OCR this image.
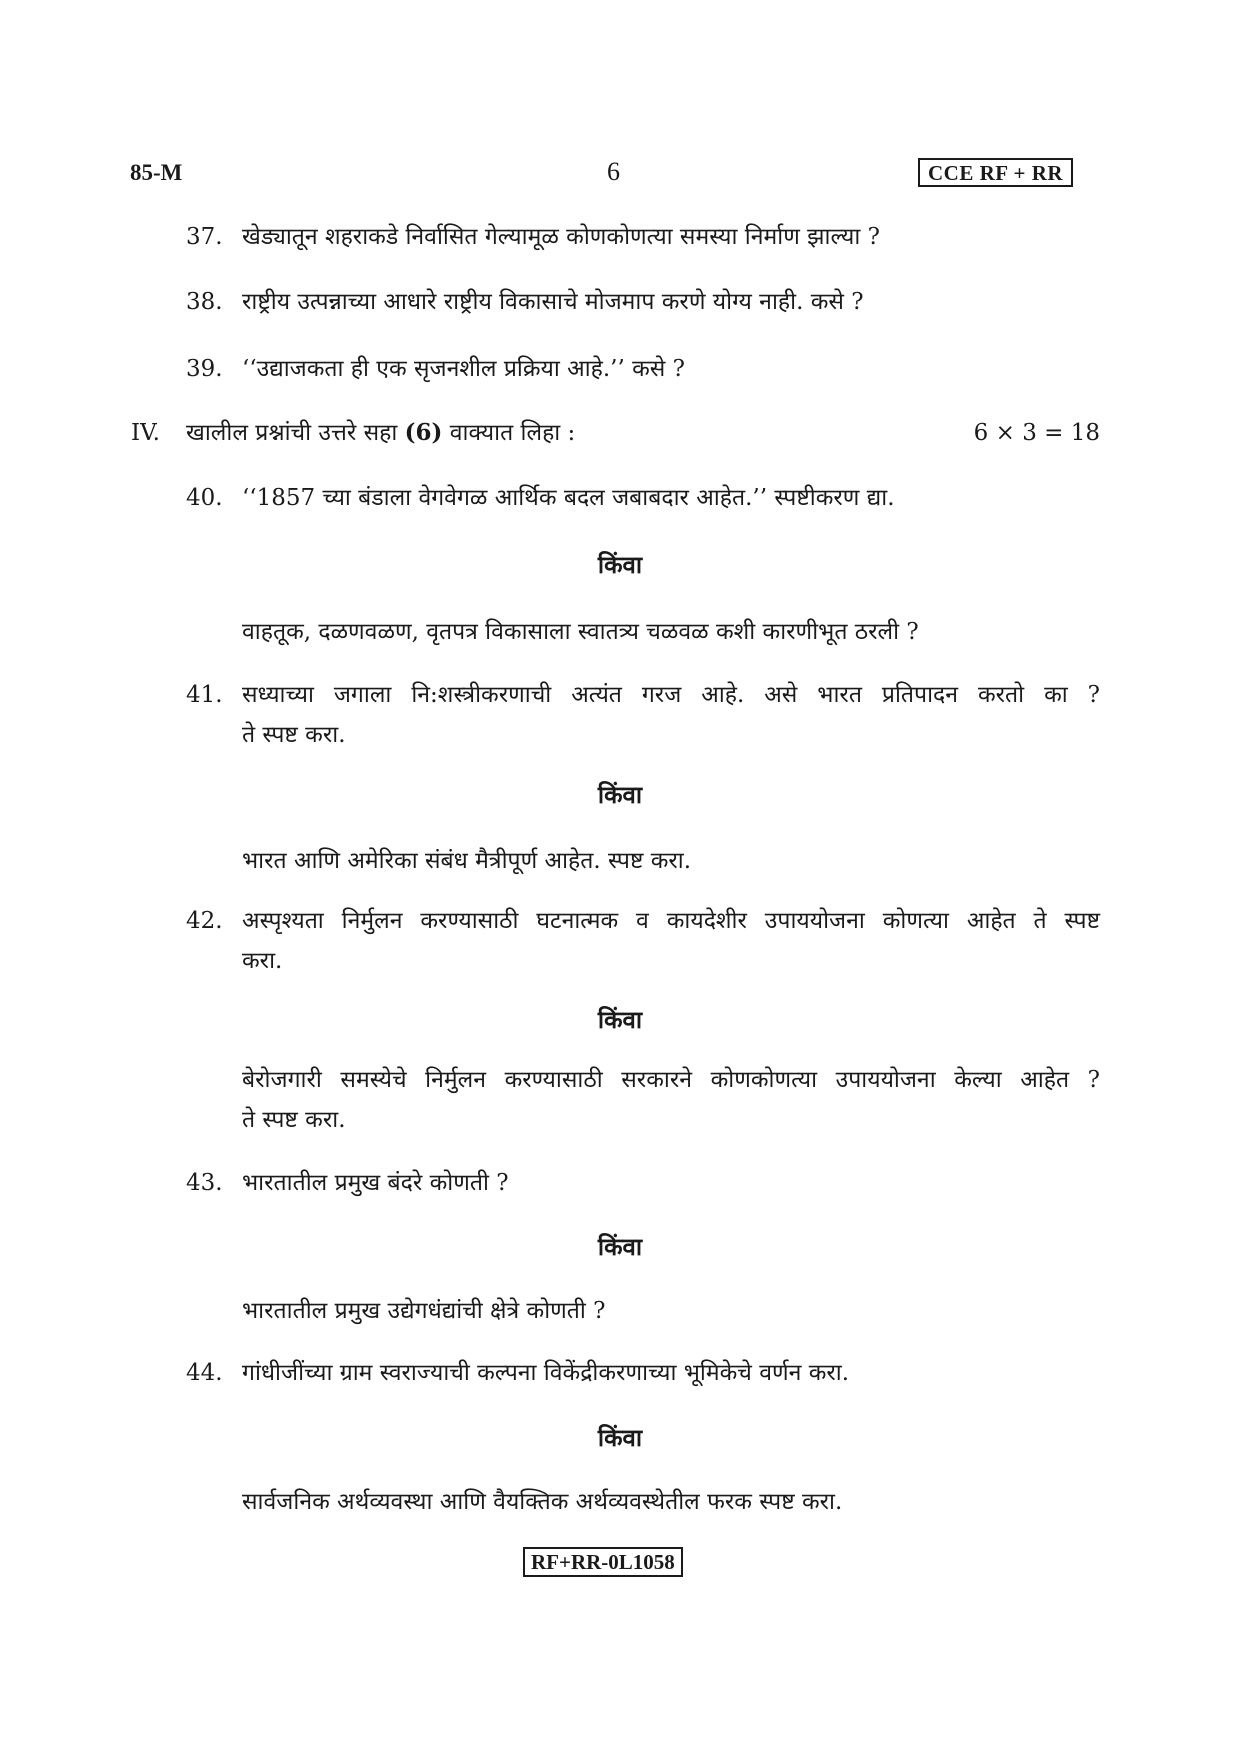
85-M	6	CCE RF + RR
37. खेड्यातून शहराकडे निर्वासित गेल्यामूळ कोणकोणत्या समस्या निर्माण झाल्या ?
38. राष्ट्रीय उत्पन्नाच्या आधारे राष्ट्रीय विकासाचे मोजमाप करणे योग्य नाही. कसे ?
39. ‘‘उद्याजकता ही एक सृजनशील प्रक्रिया आहे.’’ कसे ?
IV. खालील प्रश्नांची उत्तरे सहा (6) वाक्यात लिहा :	6 × 3 = 18
40. ‘‘1857 च्या बंडाला वेगवेगळ आर्थिक बदल जबाबदार आहेत.’’ स्पष्टीकरण द्या.
किंवा
वाहतूक, दळणवळण, वृतपत्र विकासाला स्वातत्र्य चळवळ कशी कारणीभूत ठरली ?
41. सध्याच्या जगाला नि:शस्त्रीकरणाची अत्यंत गरज आहे. असे भारत प्रतिपादन करतो का ?
ते स्पष्ट करा.
किंवा
भारत आणि अमेरिका संबंध मैत्रीपूर्ण आहेत. स्पष्ट करा.
42. अस्पृश्यता निर्मुलन करण्यासाठी घटनात्मक व कायदेशीर उपाययोजना कोणत्या आहेत ते स्पष्ट
करा.
किंवा
बेरोजगारी समस्येचे निर्मुलन करण्यासाठी सरकारने कोणकोणत्या उपाययोजना केल्या आहेत ?
ते स्पष्ट करा.
43. भारतातील प्रमुख बंदरे कोणती ?
किंवा
भारतातील प्रमुख उद्येगधंद्यांची क्षेत्रे कोणती ?
44. गांधीजींच्या ग्राम स्वराज्याची कल्पना विकेंद्रीकरणाच्या भूमिकेचे वर्णन करा.
किंवा
सार्वजनिक अर्थव्यवस्था आणि वैयक्तिक अर्थव्यवस्थेतील फरक स्पष्ट करा.
RF+RR-0L1058
